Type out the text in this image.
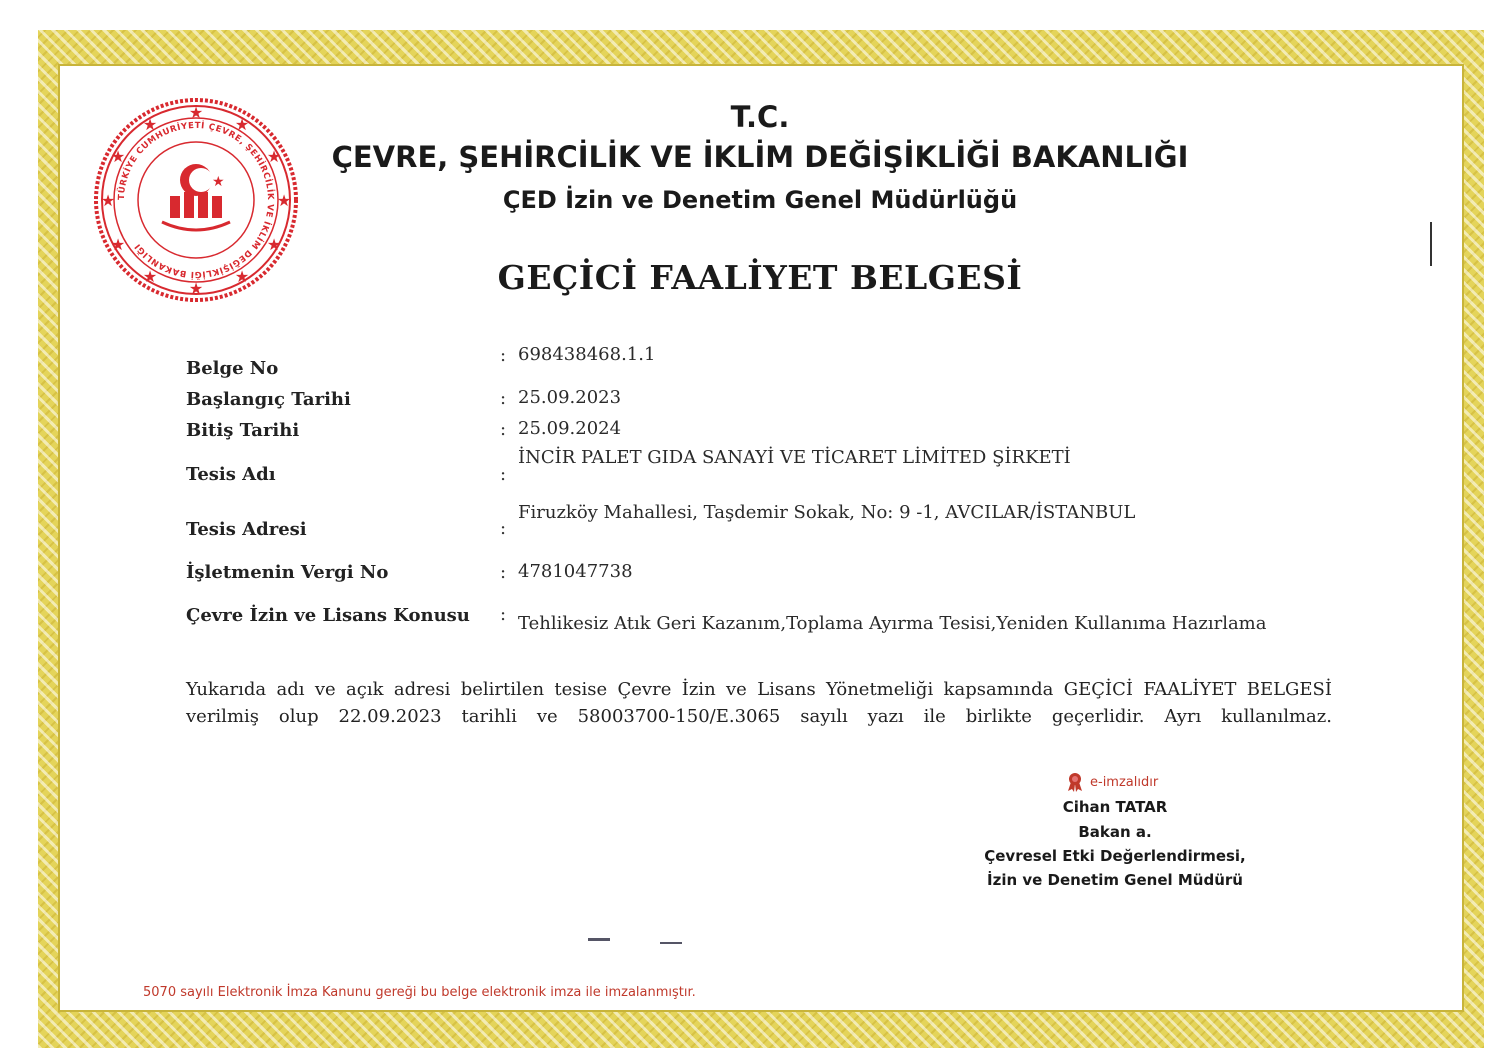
★
★
★
★
★
★
★
★
★
★
★
★
TÜRKİYE CUMHURİYETİ ÇEVRE, ŞEHİRCİLİK VE İKLİM DEĞİŞİKLİĞİ BAKANLIĞI
★
T.C.
ÇEVRE, ŞEHİRCİLİK VE İKLİM DEĞİŞİKLİĞİ BAKANLIĞI
ÇED İzin ve Denetim Genel Müdürlüğü
GEÇİCİ FAALİYET BELGESİ
Belge No
: 698438468.1.1
Başlangıç Tarihi	: 25.09.2023
Bitiş Tarihi	: 25.09.2024
Tesis Adı	:
İNCİR PALET GIDA SANAYİ VE TİCARET LİMİTED ŞİRKETİ
Tesis Adresi	:
Firuzköy Mahallesi, Taşdemir Sokak, No: 9 -1, AVCILAR/İSTANBUL
İşletmenin Vergi No	: 4781047738
Çevre İzin ve Lisans Konusu : Tehlikesiz Atık Geri Kazanım,Toplama Ayırma Tesisi,Yeniden Kullanıma Hazırlama
Yukarıda adı ve açık adresi belirtilen tesise Çevre İzin ve Lisans Yönetmeliği kapsamında GEÇİCİ FAALİYET BELGESİ verilmiş olup 22.09.2023 tarihli ve 58003700-150/E.3065 sayılı yazı ile birlikte geçerlidir. Ayrı kullanılmaz.
e-imzalıdır
Cihan TATAR
Bakan a.
Çevresel Etki Değerlendirmesi,
İzin ve Denetim Genel Müdürü
5070 sayılı Elektronik İmza Kanunu gereği bu belge elektronik imza ile imzalanmıştır.
